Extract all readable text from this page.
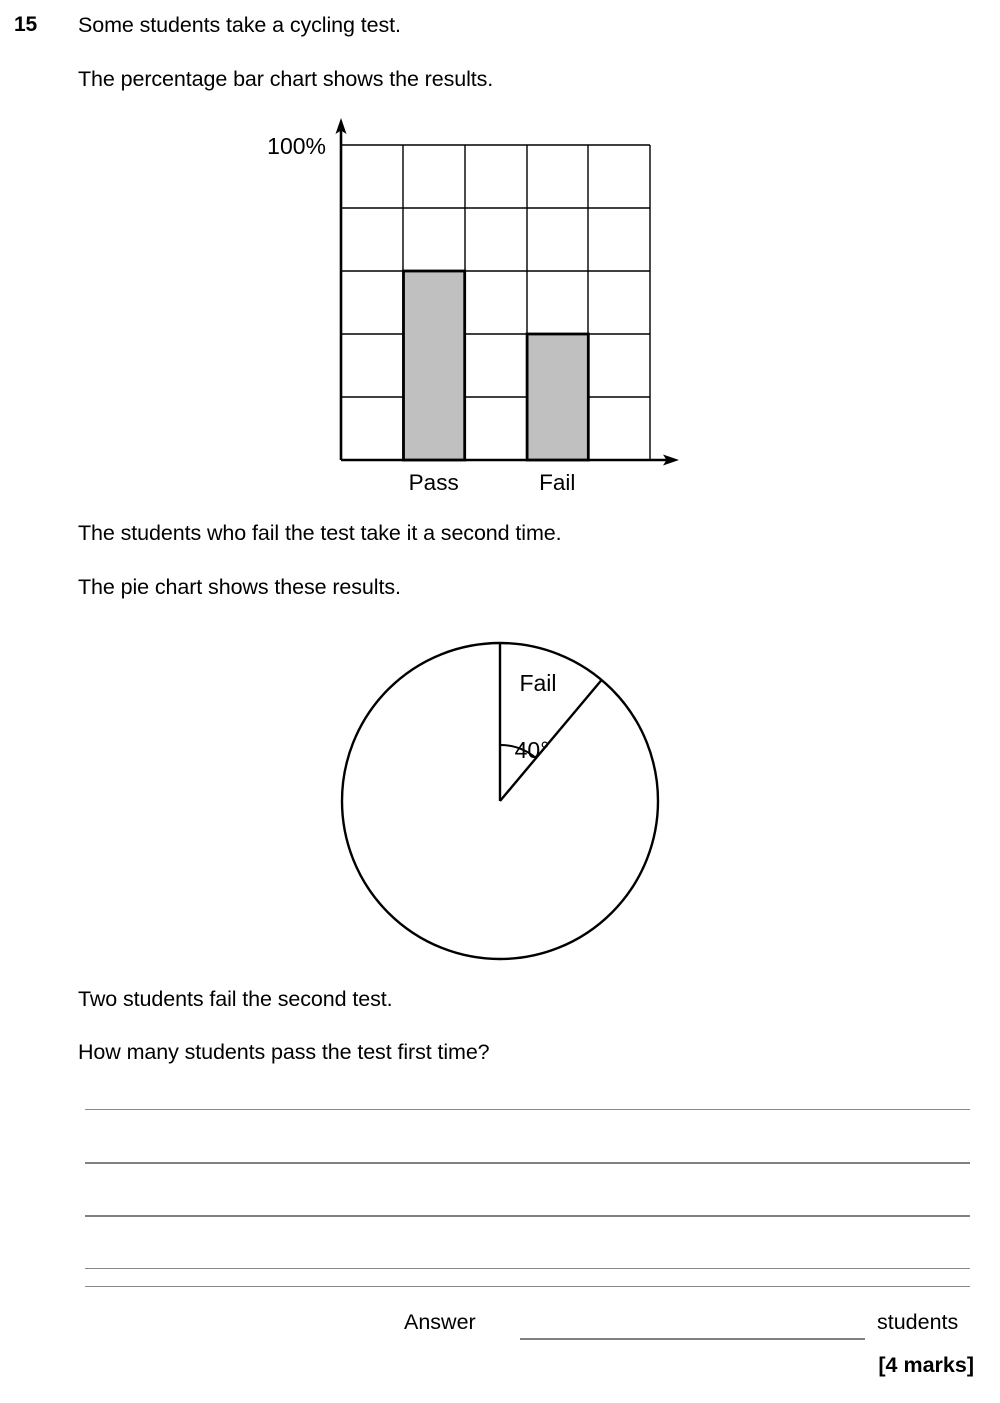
15 Some students take a cycling test.
The percentage bar chart shows the results.
100%
Pass	Fail
The students who fail the test take it a second time.
The pie chart shows these results.
Fail
40°
Two students fail the second test.
How many students pass the test first time?
Answer	students
[4 marks]
